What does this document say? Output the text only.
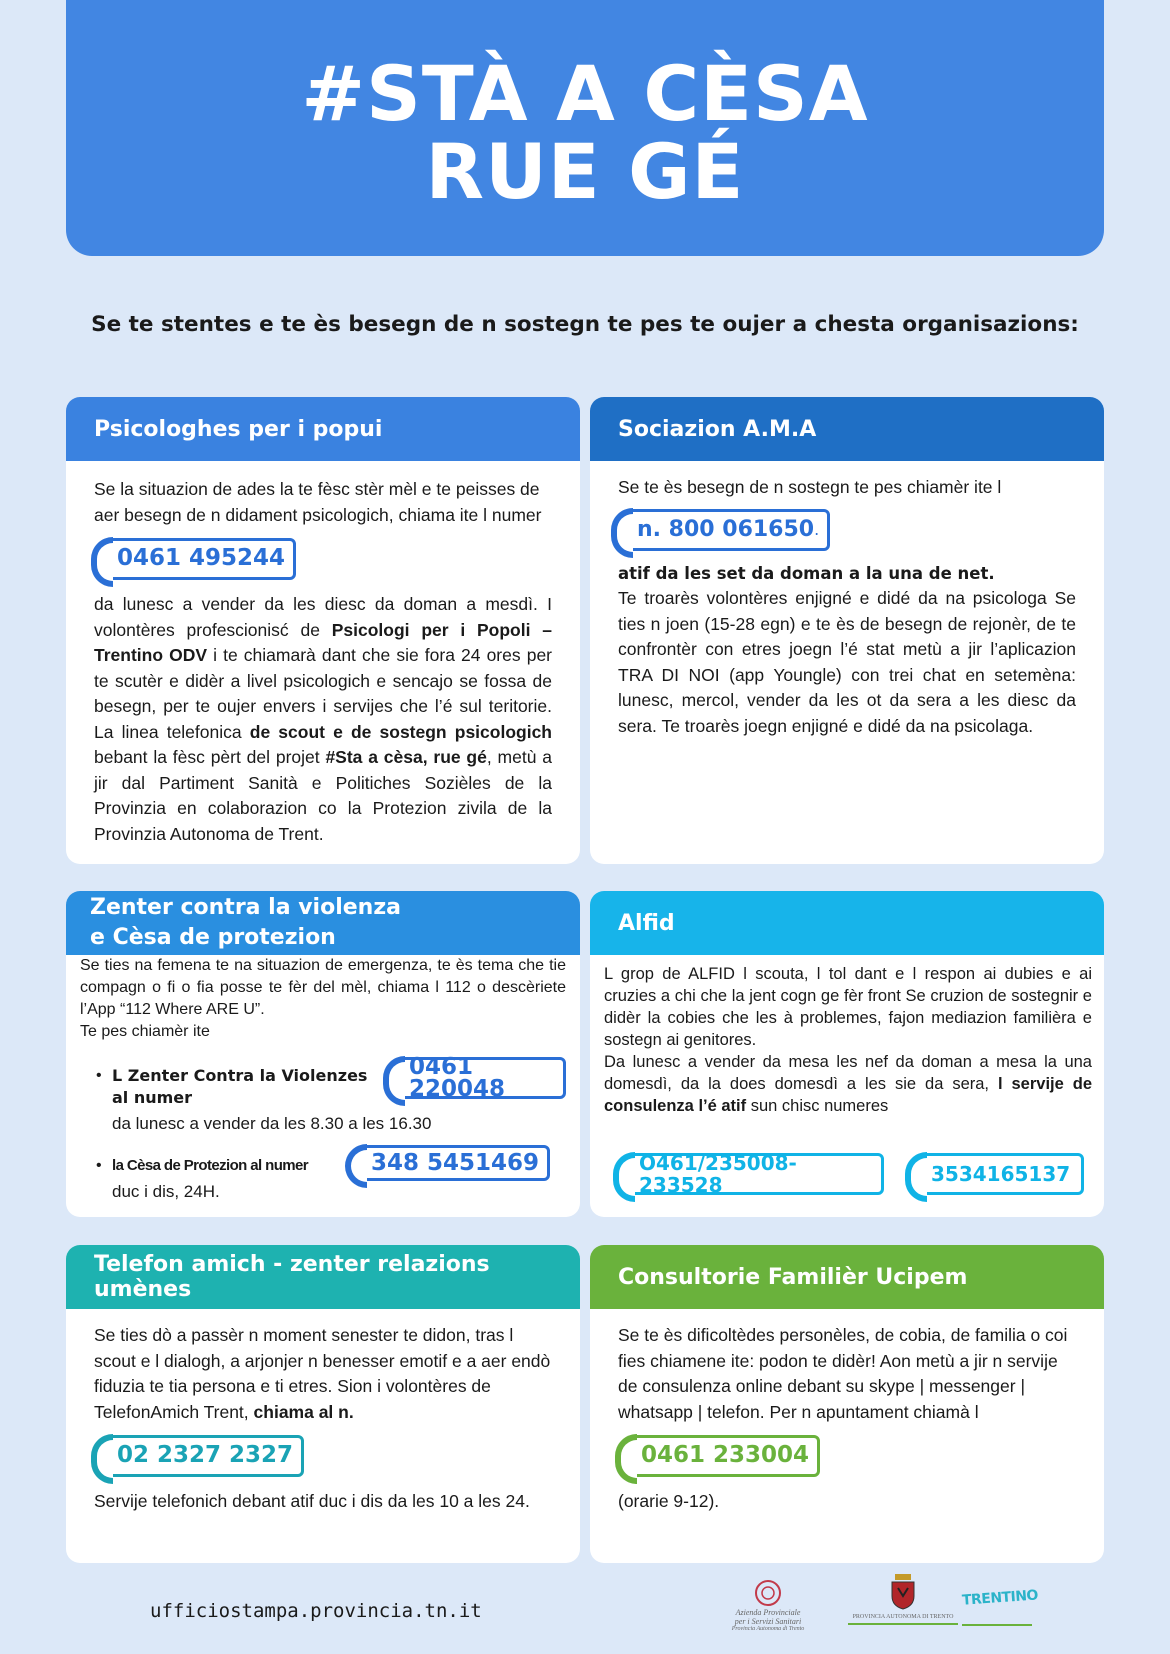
#STÀ A CÈSA
RUE GÉ
Se te stentes e te ès besegn de n sostegn te pes te oujer a chesta organisazions:
Psicologhes per i popui

Se la situazion de ades la te fèsc stèr mèl e te peisses de aer besegn de n didament psicologich, chiama ite l numer

0461 495244

da lunesc a vender da les diesc da doman a mesdì. I volontères profescionisć de Psicologi per i Popoli – Trentino ODV i te chiamarà dant che sie fora 24 ores per te scutèr e didèr a livel psicologich e sencajo se fossa de besegn, per te oujer envers i servijes che l’é sul teritorie. La linea telefonica de scout e de sostegn psicologich bebant la fèsc pèrt del projet #Sta a cèsa, rue gé, metù a jir dal Partiment Sanità e Politiches Soziѐles de la Provinzia en colaborazion co la Protezion zivila de la Provinzia Autonoma de Trent.

Sociazion A.M.A

Se te ès besegn de n sostegn te pes chiamèr ite l

n. 800 061650 .

atif da les set da doman a la una de net.

Te troarès volontères enjigné e didé da na psicologa Se ties n joen (15-28 egn) e te ès de besegn de rejonèr, de te confrontèr con etres joegn l’é stat metù a jir l’aplicazion TRA DI NOI (app Youngle) con trei chat en setemèna: lunesc, mercol, vender da les ot da sera a les diesc da sera. Te troarès joegn enjigné e didé da na psicolaga.

Zenter contra la violenza
e Cèsa de protezion

Se ties na femena te na situazion de emergenza, te ès tema che tie compagn o fi o fia posse te fèr del mèl, chiama l 112 o descèriete l’App “112 Where ARE U”.

Te pes chiamèr ite

• L Zenter Contra la Violenzes al numer
0461 220048
da lunesc a vender da les 8.30 a les 16.30
• la Cèsa de Protezion al numer	348 5451469
duc i dis, 24H.
Alfid

L grop de ALFID l scouta, l tol dant e l respon ai dubies e ai cruzies a chi che la jent cogn ge fèr front Se cruzion de sostegnir e didèr la cobies che les à problemes, fajon mediazion familièra e sostegn ai genitores.

Da lunesc a vender da mesa les nef da doman a mesa la una domesdì, da la does domesdì a les sie da sera, l servije de consulenza l’é atif sun chisc numeres

O461/235008-233528	3534165137
Telefon amich - zenter relazions umènes

Se ties dò a passèr n moment senester te didon, tras l scout e l dialogh, a arjonjer n benesser emotif e a aer endò fiduzia te tia persona e ti etres. Sion i volontères de TelefonAmich Trent, chiama al n.

02 2327 2327

Servije telefonich debant atif duc i dis da les 10 a les 24.

Consultorie Familièr Ucipem

Se te ès dificoltèdes personèles, de cobia, de familia o coi fies chiamene ite: podon te didèr! Aon metù a jir n servije de consulenza online debant su skype | messenger | whatsapp | telefon. Per n apuntament chiamà l

0461 233004

(orarie 9-12).

ufficiostampa.provincia.tn.it	Azienda Provinciale
per i Servizi Sanitari
Provincia Autonoma di Trento
PROVINCIA AUTONOMA DI TRENTO
TRENTINO
